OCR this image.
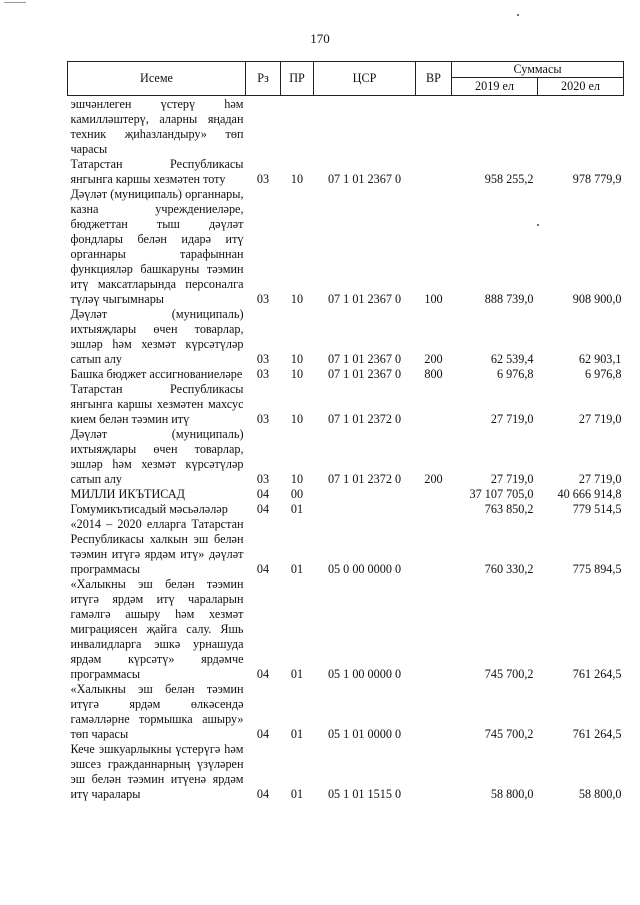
170
Исеме	Рз	ПР	ЦСР	ВР	Суммасы	
					2019 ел	2020 ел
эшчәнлеген үстерү һәм камилләштерү, аларны яңадан техник җиһазландыру» төп чарасы						
Татарстан Республикасы янгынга каршы хезмәтен тоту	03	10	07 1 01 2367 0		958 255,2	978 779,9
Дәүләт (муниципаль) органнары, казна учреждениеләре, бюджеттан тыш дәүләт фондлары белән идарә итү органнары тарафыннан функцияләр башкаруны тәэмин итү максатларында персоналга түләү чыгымнары	03	10	07 1 01 2367 0	100	888 739,0	908 900,0
Дәүләт (муниципаль) ихтыяҗлары өчен товарлар, эшләр һәм хезмәт күрсәтүләр сатып алу	03	10	07 1 01 2367 0	200	62 539,4	62 903,1
Башка бюджет ассигнованиеләре	03	10	07 1 01 2367 0	800	6 976,8	6 976,8
Татарстан Республикасы янгынга каршы хезмәтен махсус кием белән тәэмин итү	03	10	07 1 01 2372 0		27 719,0	27 719,0
Дәүләт (муниципаль) ихтыяҗлары өчен товарлар, эшләр һәм хезмәт күрсәтүләр сатып алу	03	10	07 1 01 2372 0	200	27 719,0	27 719,0
МИЛЛИ ИКЪТИСАД	04	00			37 107 705,0	40 666 914,8
Гомумикътисадый мәсьәләләр	04	01			763 850,2	779 514,5
«2014 – 2020 елларга Татарстан Республикасы халкын эш белән тәэмин итүгә ярдәм итү» дәүләт программасы	04	01	05 0 00 0000 0		760 330,2	775 894,5
«Халыкны эш белән тәэмин итүгә ярдәм итү чараларын гамәлгә ашыру һәм хезмәт миграциясен җайга салу. Яшь инвалидларга эшкә урнашуда ярдәм күрсәтү» ярдәмче программасы	04	01	05 1 00 0000 0		745 700,2	761 264,5
«Халыкны эш белән тәэмин итүгә ярдәм өлкәсендә гамәлләрне тормышка ашыру» төп чарасы	04	01	05 1 01 0000 0		745 700,2	761 264,5
Кече эшкуарлыкны үстерүгә һәм эшсез гражданнарның үзүләрен эш белән тәэмин итүенә ярдәм итү чаралары	04	01	05 1 01 1515 0		58 800,0	58 800,0
